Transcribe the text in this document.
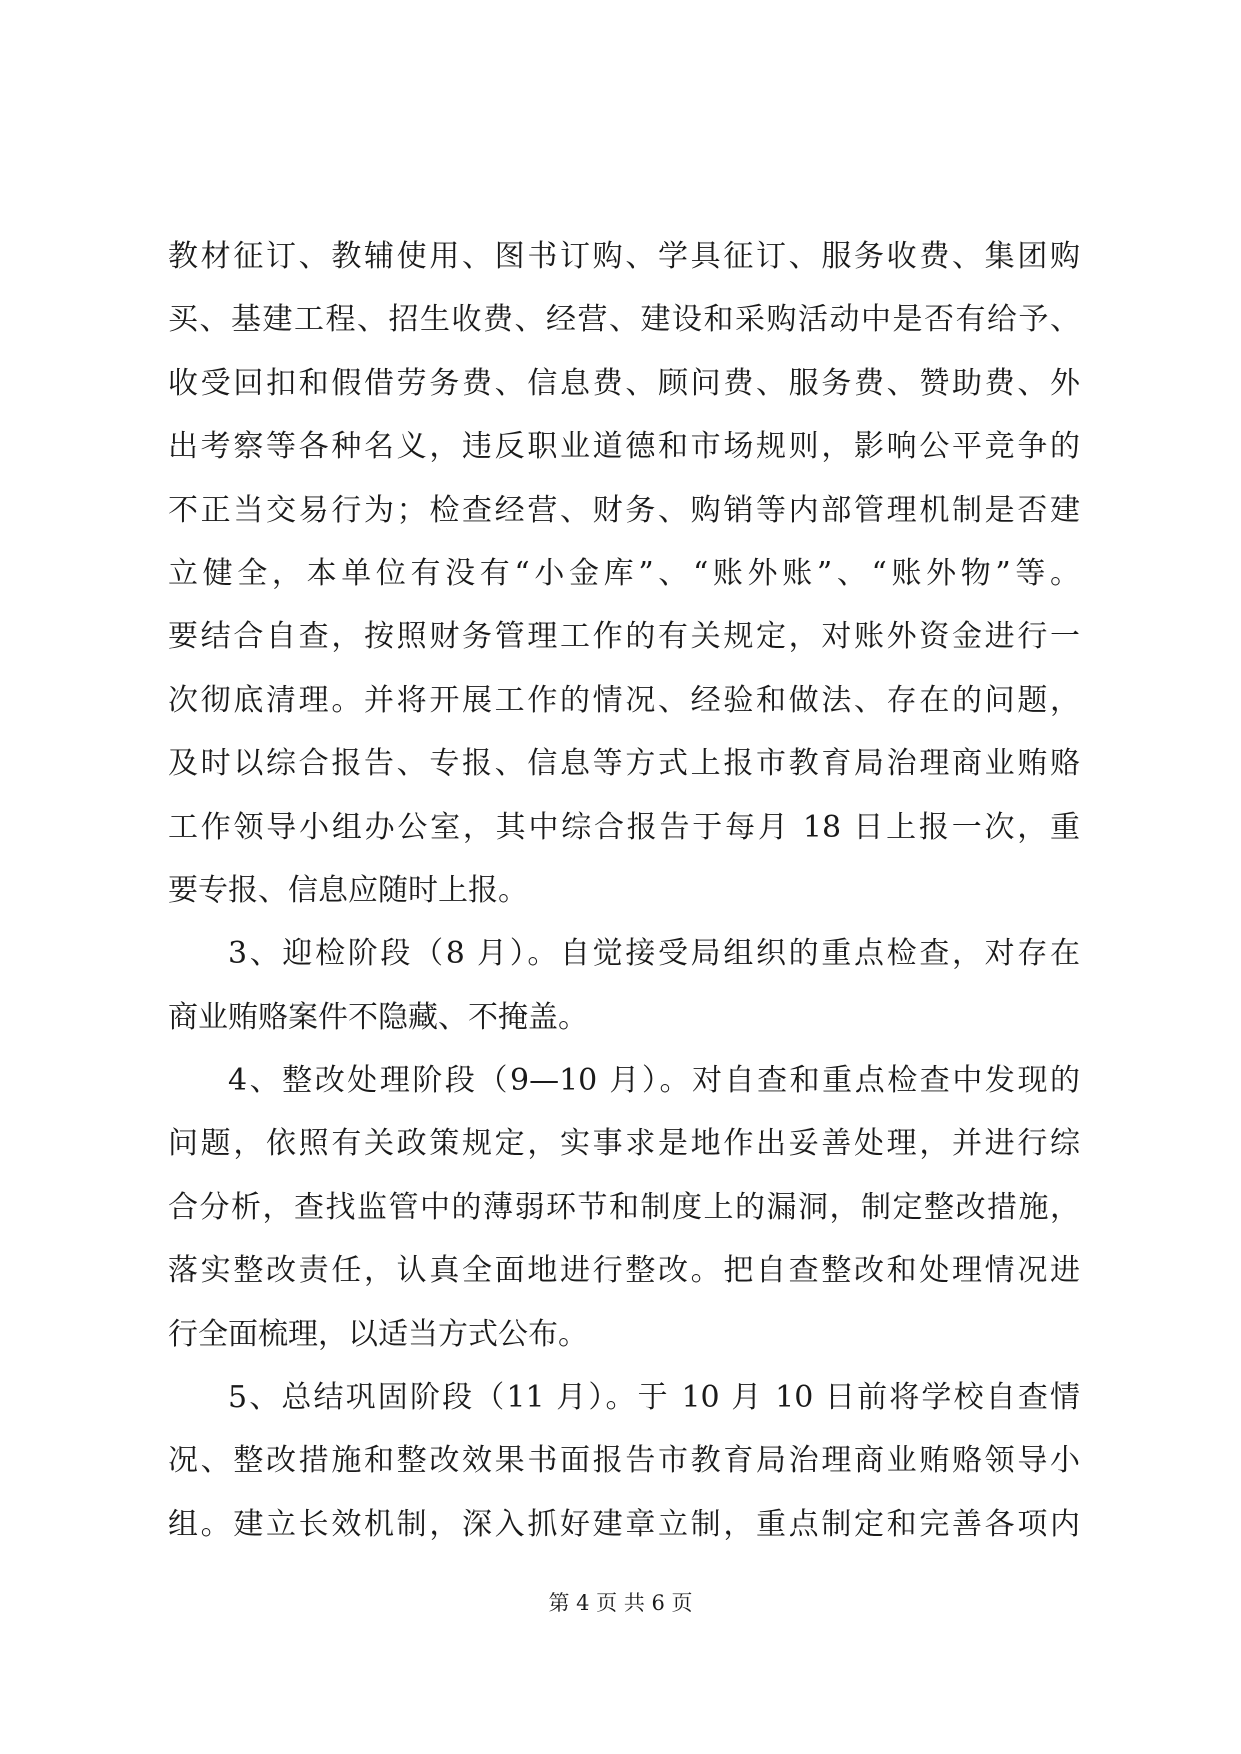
教材征订、教辅使用、图书订购、学具征订、服务收费、集团购
买、基建工程、招生收费、经营、建设和采购活动中是否有给予、
收受回扣和假借劳务费、信息费、顾问费、服务费、赞助费、外
出考察等各种名义，违反职业道德和市场规则，影响公平竞争的
不正当交易行为；检查经营、财务、购销等内部管理机制是否建
立健全，本单位有没有“小金库”、“账外账”、“账外物”等。
要结合自查，按照财务管理工作的有关规定，对账外资金进行一
次彻底清理。并将开展工作的情况、经验和做法、存在的问题，
及时以综合报告、专报、信息等方式上报市教育局治理商业贿赂
工作领导小组办公室，其中综合报告于每月 18 日上报一次，重
要专报、信息应随时上报。
3、迎检阶段（8 月）。自觉接受局组织的重点检查，对存在
商业贿赂案件不隐藏、不掩盖。
4、整改处理阶段（9—10 月）。对自查和重点检查中发现的
问题，依照有关政策规定，实事求是地作出妥善处理，并进行综
合分析，查找监管中的薄弱环节和制度上的漏洞，制定整改措施，
落实整改责任，认真全面地进行整改。把自查整改和处理情况进
行全面梳理，以适当方式公布。
5、总结巩固阶段（11 月）。于 10 月 10 日前将学校自查情
况、整改措施和整改效果书面报告市教育局治理商业贿赂领导小
组。建立长效机制，深入抓好建章立制，重点制定和完善各项内
第 4 页 共 6 页
